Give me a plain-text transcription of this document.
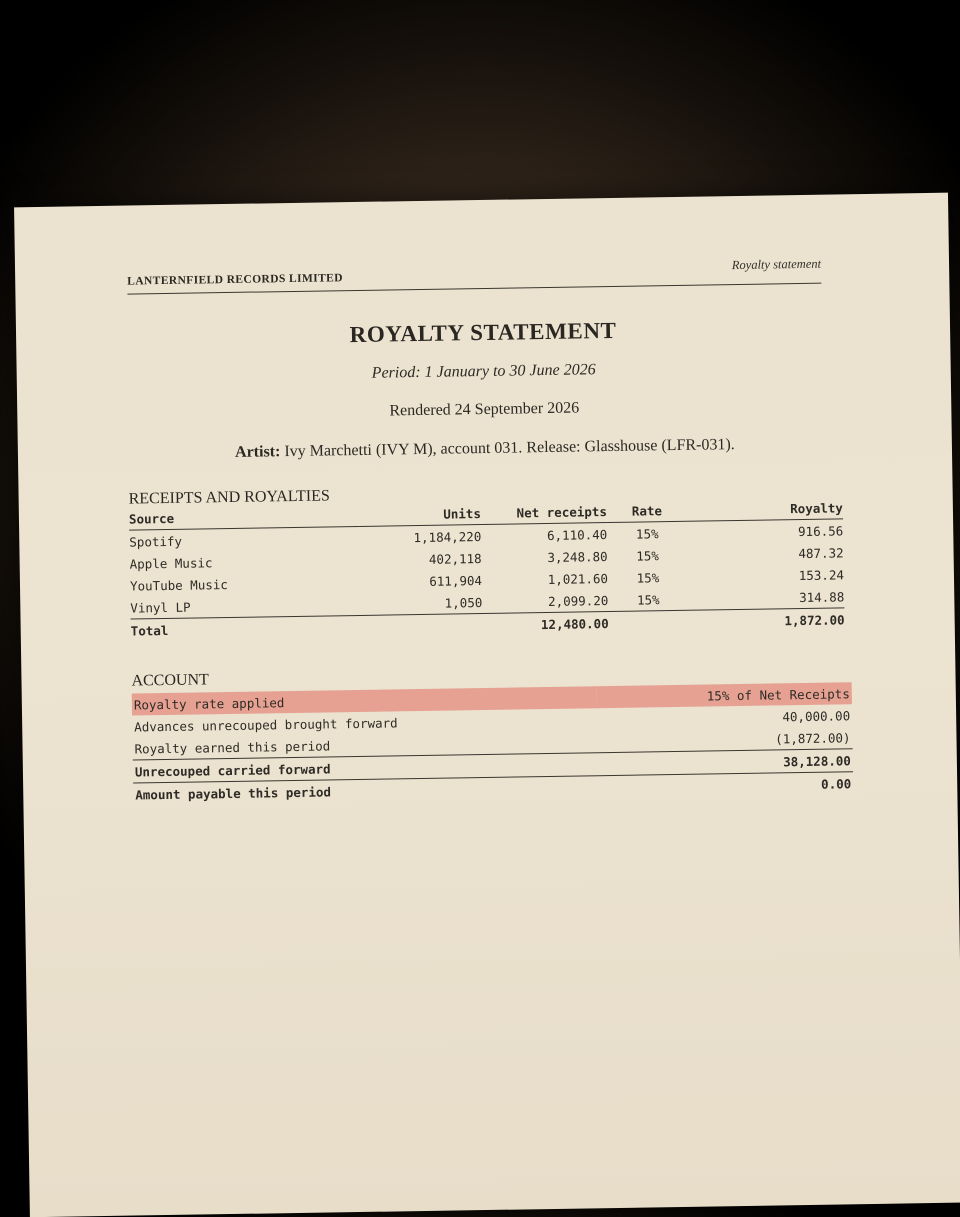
LANTERNFIELD RECORDS LIMITED
Royalty statement
ROYALTY STATEMENT
Period: 1 January to 30 June 2026
Rendered 24 September 2026
Artist: Ivy Marchetti (IVY M), account 031. Release: Glasshouse (LFR-031).
RECEIPTS AND ROYALTIES
Source	Units	Net receipts	Rate	Royalty
Spotify	1,184,220	6,110.40	15%	916.56
Apple Music	402,118	3,248.80	15%	487.32
YouTube Music	611,904	1,021.60	15%	153.24
Vinyl LP	1,050	2,099.20	15%	314.88
Total		12,480.00		1,872.00
ACCOUNT
Royalty rate applied	15% of Net Receipts
Advances unrecouped brought forward	40,000.00
Royalty earned this period	(1,872.00)
Unrecouped carried forward	38,128.00
Amount payable this period	0.00
